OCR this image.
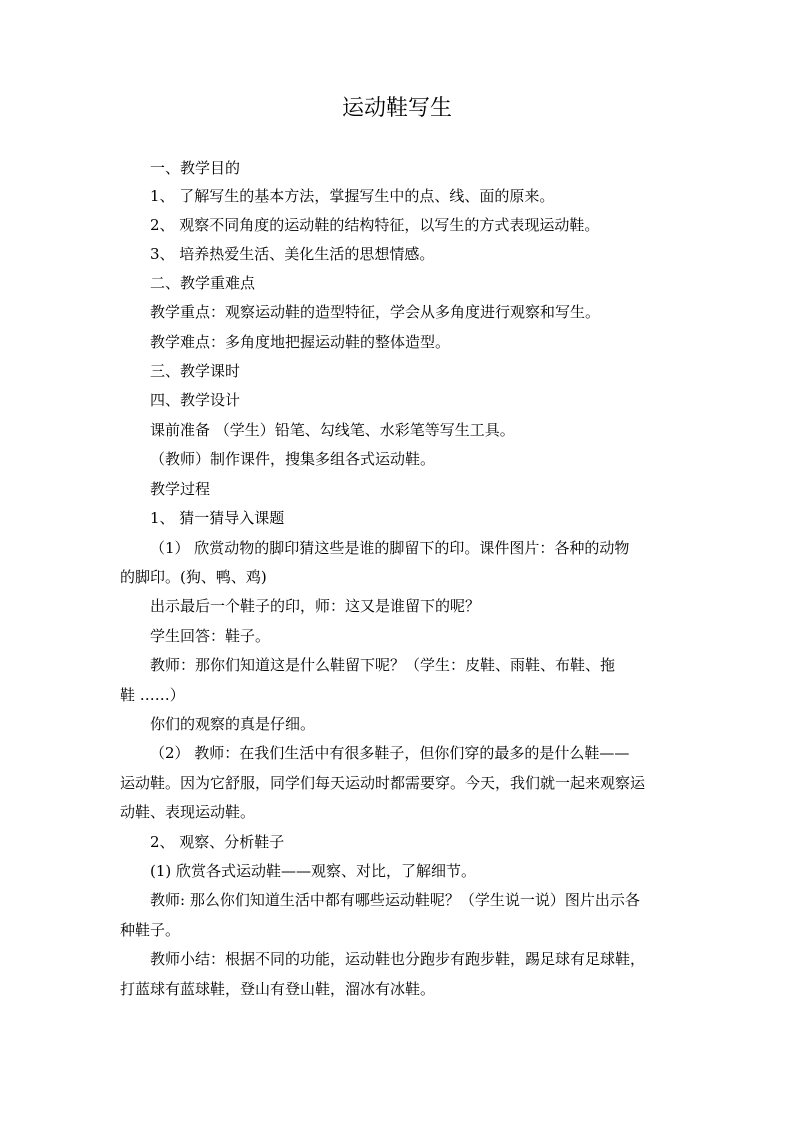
运动鞋写生
一、教学目的
1、 了解写生的基本方法，掌握写生中的点、线、面的原来。
2、 观察不同角度的运动鞋的结构特征，以写生的方式表现运动鞋。
3、 培养热爱生活、美化生活的思想情感。
二、教学重难点
教学重点：观察运动鞋的造型特征，学会从多角度进行观察和写生。
教学难点：多角度地把握运动鞋的整体造型。
三、教学课时
四、教学设计
课前准备 （学生）铅笔、勾线笔、水彩笔等写生工具。
（教师）制作课件，搜集多组各式运动鞋。
教学过程
1、 猜一猜导入课题
（1） 欣赏动物的脚印猜这些是谁的脚留下的印。课件图片：各种的动物
的脚印。(狗、鸭、鸡)
出示最后一个鞋子的印，师：这又是谁留下的呢？
学生回答：鞋子。
教师：那你们知道这是什么鞋留下呢？（学生：皮鞋、雨鞋、布鞋、拖
鞋 ……）
你们的观察的真是仔细。
（2） 教师：在我们生活中有很多鞋子，但你们穿的最多的是什么鞋——
运动鞋。因为它舒服，同学们每天运动时都需要穿。今天，我们就一起来观察运
动鞋、表现运动鞋。
2、 观察、分析鞋子
(1) 欣赏各式运动鞋——观察、对比，了解细节。
教师: 那么你们知道生活中都有哪些运动鞋呢？（学生说一说）图片出示各
种鞋子。
教师小结：根据不同的功能，运动鞋也分跑步有跑步鞋，踢足球有足球鞋，
打蓝球有蓝球鞋，登山有登山鞋，溜冰有冰鞋。
